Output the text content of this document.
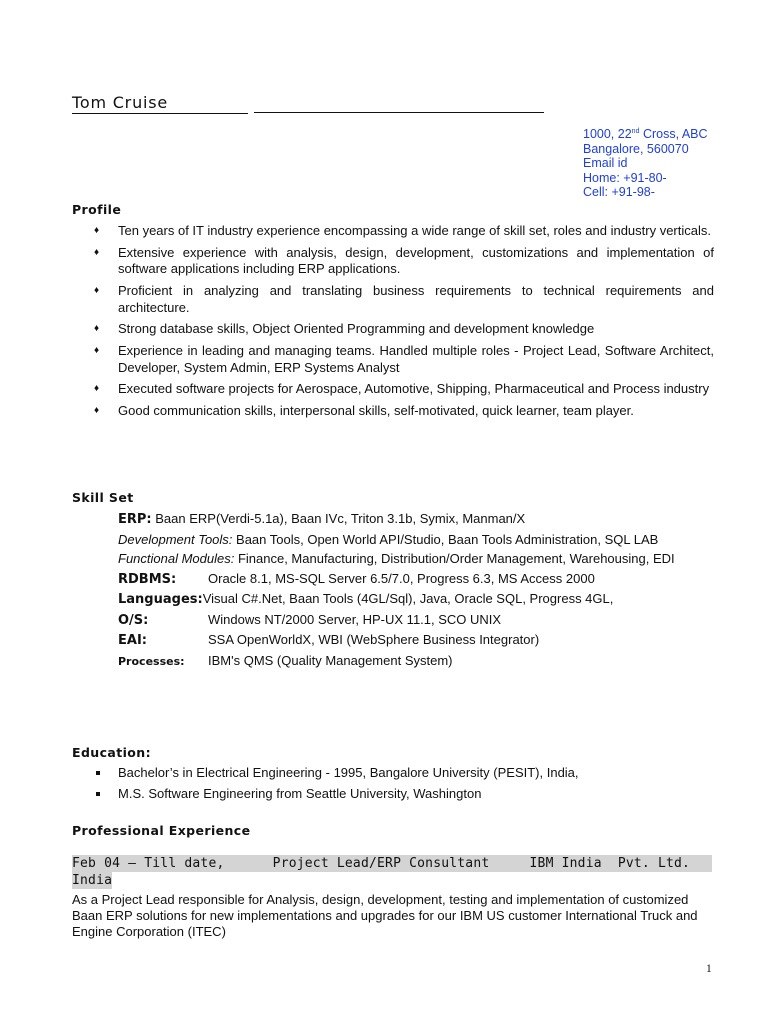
Tom Cruise
1000, 22nd Cross, ABC
Bangalore, 560070
Email id
Home: +91-80-
Cell: +91-98-
Profile
♦ Ten years of IT industry experience encompassing a wide range of skill set, roles and industry verticals.
♦ Extensive experience with analysis, design, development, customizations and implementation of software applications including ERP applications.
♦ Proficient in analyzing and translating business requirements to technical requirements and architecture.
♦ Strong database skills, Object Oriented Programming and development knowledge
♦ Experience in leading and managing teams. Handled multiple roles - Project Lead, Software Architect, Developer, System Admin, ERP Systems Analyst
♦ Executed software projects for Aerospace, Automotive, Shipping, Pharmaceutical and Process industry
♦ Good communication skills, interpersonal skills, self-motivated, quick learner, team player.
Skill Set
ERP: Baan ERP(Verdi-5.1a), Baan IVc, Triton 3.1b, Symix, Manman/X
Development Tools: Baan Tools, Open World API/Studio, Baan Tools Administration, SQL LAB
Functional Modules: Finance, Manufacturing, Distribution/Order Management, Warehousing, EDI
RDBMS: Oracle 8.1, MS-SQL Server 6.5/7.0, Progress 6.3, MS Access 2000
Languages:Visual C#.Net, Baan Tools (4GL/Sql), Java, Oracle SQL, Progress 4GL,
O/S:	Windows NT/2000 Server, HP-UX 11.1, SCO UNIX
EAI:	SSA OpenWorldX, WBI (WebSphere Business Integrator)
Processes: IBM's QMS (Quality Management System)
Education:
Bachelor’s in Electrical Engineering - 1995, Bangalore University (PESIT), India,
M.S. Software Engineering from Seattle University, Washington
Professional Experience
Feb 04 – Till date,      Project Lead/ERP Consultant     IBM India  Pvt. Ltd.
India
As a Project Lead responsible for Analysis, design, development, testing and implementation of customized Baan ERP solutions for new implementations and upgrades for our IBM US customer International Truck and Engine Corporation (ITEC)
1
